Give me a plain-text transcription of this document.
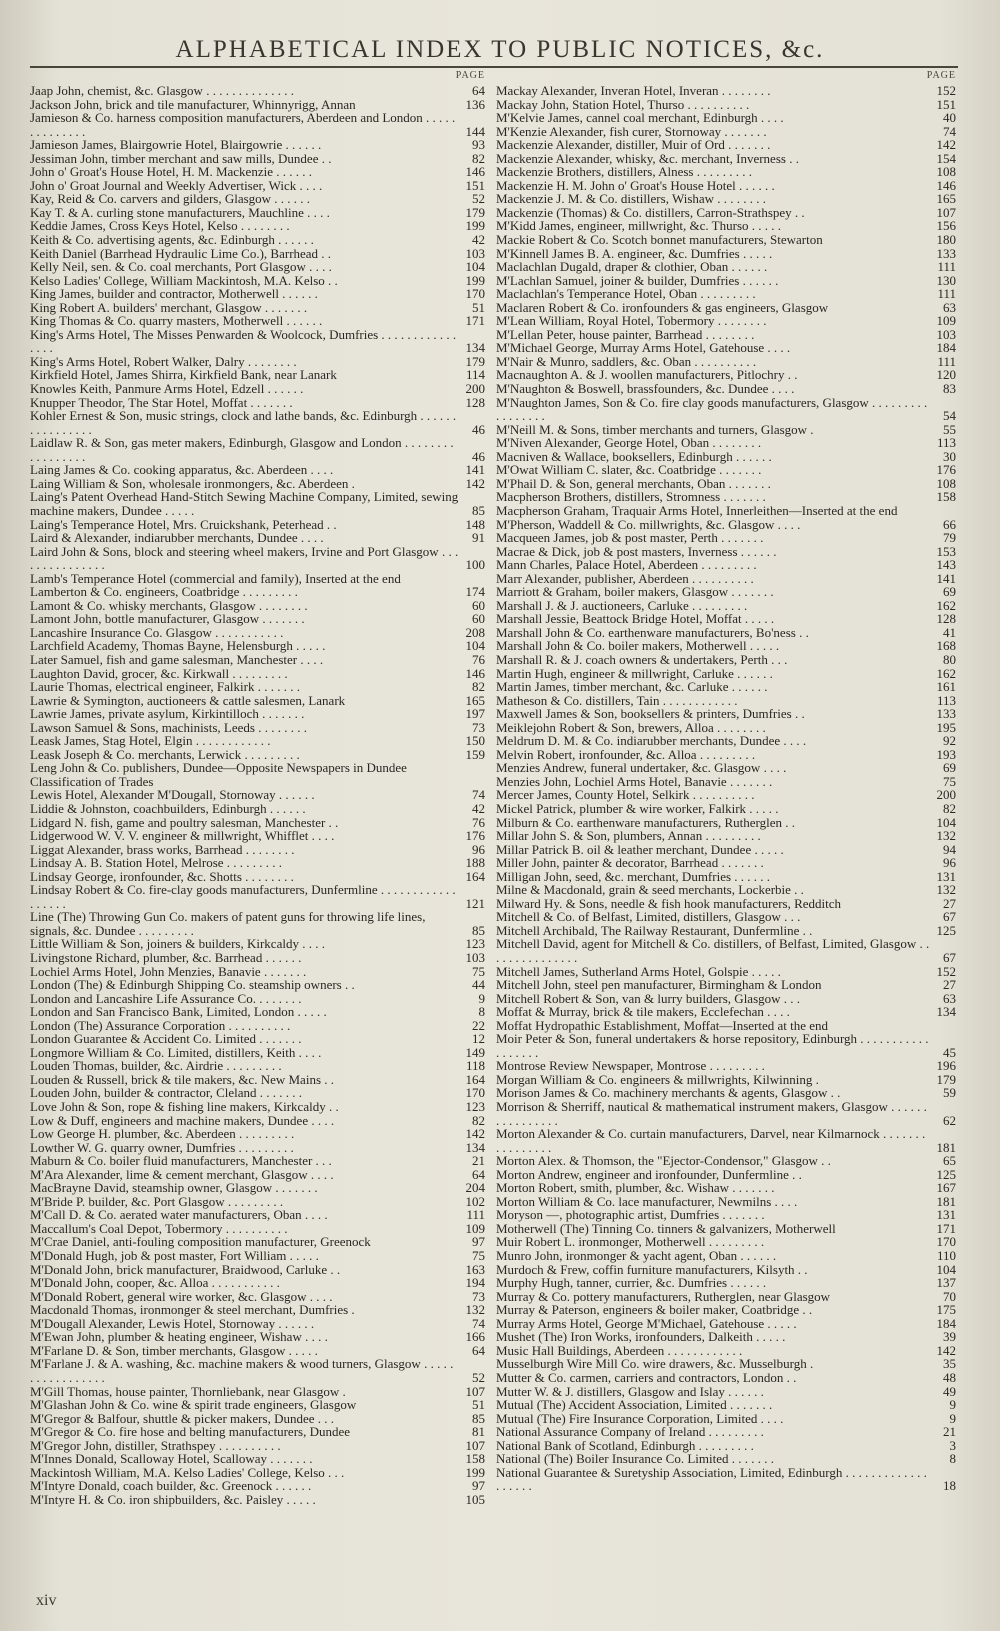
ALPHABETICAL INDEX TO PUBLIC NOTICES, &c.
PAGE
Jaap John, chemist, &c. Glasgow . . . . . . . . . . . . . .	64
Jackson John, brick and tile manufacturer, Whinnyrigg, Annan	136
Jamieson & Co. harness composition manufacturers, Aberdeen and London . . . . . . . . . . . . . .	144
Jamieson James, Blairgowrie Hotel, Blairgowrie . . . . . .	93
Jessiman John, timber merchant and saw mills, Dundee . .	82
John o' Groat's House Hotel, H. M. Mackenzie . . . . . .	146
John o' Groat Journal and Weekly Advertiser, Wick . . . .	151
Kay, Reid & Co. carvers and gilders, Glasgow . . . . . .	52
Kay T. & A. curling stone manufacturers, Mauchline . . . .	179
Keddie James, Cross Keys Hotel, Kelso . . . . . . . .	199
Keith & Co. advertising agents, &c. Edinburgh . . . . . .	42
Keith Daniel (Barrhead Hydraulic Lime Co.), Barrhead . .	103
Kelly Neil, sen. & Co. coal merchants, Port Glasgow . . . .	104
Kelso Ladies' College, William Mackintosh, M.A. Kelso . .	199
King James, builder and contractor, Motherwell . . . . . .	170
King Robert A. builders' merchant, Glasgow . . . . . . .	51
King Thomas & Co. quarry masters, Motherwell . . . . . .	171
King's Arms Hotel, The Misses Penwarden & Woolcock, Dumfries . . . . . . . . . . . . . . . .	134
King's Arms Hotel, Robert Walker, Dalry . . . . . . . .	179
Kirkfield Hotel, James Shirra, Kirkfield Bank, near Lanark	114
Knowles Keith, Panmure Arms Hotel, Edzell . . . . . .	200
Knupper Theodor, The Star Hotel, Moffat . . . . . . .	128
Kohler Ernest & Son, music strings, clock and lathe bands, &c. Edinburgh . . . . . . . . . . . . . . . .	46
Laidlaw R. & Son, gas meter makers, Edinburgh, Glasgow and London . . . . . . . . . . . . . . . . .	46
Laing James & Co. cooking apparatus, &c. Aberdeen . . . .	141
Laing William & Son, wholesale ironmongers, &c. Aberdeen .	142
Laing's Patent Overhead Hand-Stitch Sewing Machine Company, Limited, sewing machine makers, Dundee . . . . .	85
Laing's Temperance Hotel, Mrs. Cruickshank, Peterhead . .	148
Laird & Alexander, indiarubber merchants, Dundee . . . .	91
Laird John & Sons, block and steering wheel makers, Irvine and Port Glasgow . . . . . . . . . . . . . . .	100
Lamb's Temperance Hotel (commercial and family), Inserted at the end
Lamberton & Co. engineers, Coatbridge . . . . . . . . .	174
Lamont & Co. whisky merchants, Glasgow . . . . . . . .	60
Lamont John, bottle manufacturer, Glasgow . . . . . . .	60
Lancashire Insurance Co. Glasgow . . . . . . . . . . .	208
Larchfield Academy, Thomas Bayne, Helensburgh . . . . .	104
Later Samuel, fish and game salesman, Manchester . . . .	76
Laughton David, grocer, &c. Kirkwall . . . . . . . . .	146
Laurie Thomas, electrical engineer, Falkirk . . . . . . .	82
Lawrie & Symington, auctioneers & cattle salesmen, Lanark	165
Lawrie James, private asylum, Kirkintilloch . . . . . . .	197
Lawson Samuel & Sons, machinists, Leeds . . . . . . . .	73
Leask James, Stag Hotel, Elgin . . . . . . . . . . . .	150
Leask Joseph & Co. merchants, Lerwick . . . . . . . . .	159
Leng John & Co. publishers, Dundee—Opposite Newspapers in Dundee Classification of Trades
Lewis Hotel, Alexander M'Dougall, Stornoway . . . . . .	74
Liddie & Johnston, coachbuilders, Edinburgh . . . . . .	42
Lidgard N. fish, game and poultry salesman, Manchester . .	76
Lidgerwood W. V. V. engineer & millwright, Whifflet . . . .	176
Liggat Alexander, brass works, Barrhead . . . . . . . .	96
Lindsay A. B. Station Hotel, Melrose . . . . . . . . .	188
Lindsay George, ironfounder, &c. Shotts . . . . . . . .	164
Lindsay Robert & Co. fire-clay goods manufacturers, Dunfermline . . . . . . . . . . . . . . . . . .	121
Line (The) Throwing Gun Co. makers of patent guns for throwing life lines, signals, &c. Dundee . . . . . . . . .	85
Little William & Son, joiners & builders, Kirkcaldy . . . .	123
Livingstone Richard, plumber, &c. Barrhead . . . . . .	103
Lochiel Arms Hotel, John Menzies, Banavie . . . . . . .	75
London (The) & Edinburgh Shipping Co. steamship owners . .	44
London and Lancashire Life Assurance Co. . . . . . . .	9
London and San Francisco Bank, Limited, London . . . . .	8
London (The) Assurance Corporation . . . . . . . . . .	22
London Guarantee & Accident Co. Limited . . . . . . .	12
Longmore William & Co. Limited, distillers, Keith . . . .	149
Louden Thomas, builder, &c. Airdrie . . . . . . . . .	118
Louden & Russell, brick & tile makers, &c. New Mains . .	164
Louden John, builder & contractor, Cleland . . . . . . .	170
Love John & Son, rope & fishing line makers, Kirkcaldy . .	123
Low & Duff, engineers and machine makers, Dundee . . . .	82
Low George H. plumber, &c. Aberdeen . . . . . . . . .	142
Lowther W. G. quarry owner, Dumfries . . . . . . . . .	134
Maburn & Co. boiler fluid manufacturers, Manchester . . .	21
M'Ara Alexander, lime & cement merchant, Glasgow . . . .	64
MacBrayne David, steamship owner, Glasgow . . . . . . .	204
M'Bride P. builder, &c. Port Glasgow . . . . . . . . .	102
M'Call D. & Co. aerated water manufacturers, Oban . . . .	111
Maccallum's Coal Depot, Tobermory . . . . . . . . . .	109
M'Crae Daniel, anti-fouling composition manufacturer, Greenock	97
M'Donald Hugh, job & post master, Fort William . . . . .	75
M'Donald John, brick manufacturer, Braidwood, Carluke . .	163
M'Donald John, cooper, &c. Alloa . . . . . . . . . . .	194
M'Donald Robert, general wire worker, &c. Glasgow . . . .	73
Macdonald Thomas, ironmonger & steel merchant, Dumfries .	132
M'Dougall Alexander, Lewis Hotel, Stornoway . . . . . .	74
M'Ewan John, plumber & heating engineer, Wishaw . . . .	166
M'Farlane D. & Son, timber merchants, Glasgow . . . . .	64
M'Farlane J. & A. washing, &c. machine makers & wood turners, Glasgow . . . . . . . . . . . . . . . . .	52
M'Gill Thomas, house painter, Thornliebank, near Glasgow .	107
M'Glashan John & Co. wine & spirit trade engineers, Glasgow	51
M'Gregor & Balfour, shuttle & picker makers, Dundee . . .	85
M'Gregor & Co. fire hose and belting manufacturers, Dundee	81
M'Gregor John, distiller, Strathspey . . . . . . . . . .	107
M'Innes Donald, Scalloway Hotel, Scalloway . . . . . . .	158
Mackintosh William, M.A. Kelso Ladies' College, Kelso . . .	199
M'Intyre Donald, coach builder, &c. Greenock . . . . . .	97
M'Intyre H. & Co. iron shipbuilders, &c. Paisley . . . . .	105
PAGE
Mackay Alexander, Inveran Hotel, Inveran . . . . . . . .	152
Mackay John, Station Hotel, Thurso . . . . . . . . . .	151
M'Kelvie James, cannel coal merchant, Edinburgh . . . .	40
M'Kenzie Alexander, fish curer, Stornoway . . . . . . .	74
Mackenzie Alexander, distiller, Muir of Ord . . . . . . .	142
Mackenzie Alexander, whisky, &c. merchant, Inverness . .	154
Mackenzie Brothers, distillers, Alness . . . . . . . . .	108
Mackenzie H. M. John o' Groat's House Hotel . . . . . .	146
Mackenzie J. M. & Co. distillers, Wishaw . . . . . . . .	165
Mackenzie (Thomas) & Co. distillers, Carron-Strathspey . .	107
M'Kidd James, engineer, millwright, &c. Thurso . . . . .	156
Mackie Robert & Co. Scotch bonnet manufacturers, Stewarton	180
M'Kinnell James B. A. engineer, &c. Dumfries . . . . .	133
Maclachlan Dugald, draper & clothier, Oban . . . . . .	111
M'Lachlan Samuel, joiner & builder, Dumfries . . . . . .	130
Maclachlan's Temperance Hotel, Oban . . . . . . . . .	111
Maclaren Robert & Co. ironfounders & gas engineers, Glasgow	63
M'Lean William, Royal Hotel, Tobermory . . . . . . . .	109
M'Lellan Peter, house painter, Barrhead . . . . . . . .	103
M'Michael George, Murray Arms Hotel, Gatehouse . . . .	184
M'Nair & Munro, saddlers, &c. Oban . . . . . . . . . .	111
Macnaughton A. & J. woollen manufacturers, Pitlochry . .	120
M'Naughton & Boswell, brassfounders, &c. Dundee . . . .	83
M'Naughton James, Son & Co. fire clay goods manufacturers, Glasgow . . . . . . . . . . . . . . . . .	54
M'Neill M. & Sons, timber merchants and turners, Glasgow .	55
M'Niven Alexander, George Hotel, Oban . . . . . . . .	113
Macniven & Wallace, booksellers, Edinburgh . . . . . .	30
M'Owat William C. slater, &c. Coatbridge . . . . . . .	176
M'Phail D. & Son, general merchants, Oban . . . . . . .	108
Macpherson Brothers, distillers, Stromness . . . . . . .	158
Macpherson Graham, Traquair Arms Hotel, Innerleithen—Inserted at the end
M'Pherson, Waddell & Co. millwrights, &c. Glasgow . . . .	66
Macqueen James, job & post master, Perth . . . . . . .	79
Macrae & Dick, job & post masters, Inverness . . . . . .	153
Mann Charles, Palace Hotel, Aberdeen . . . . . . . . .	143
Marr Alexander, publisher, Aberdeen . . . . . . . . . .	141
Marriott & Graham, boiler makers, Glasgow . . . . . . .	69
Marshall J. & J. auctioneers, Carluke . . . . . . . . .	162
Marshall Jessie, Beattock Bridge Hotel, Moffat . . . . .	128
Marshall John & Co. earthenware manufacturers, Bo'ness . .	41
Marshall John & Co. boiler makers, Motherwell . . . . .	168
Marshall R. & J. coach owners & undertakers, Perth . . .	80
Martin Hugh, engineer & millwright, Carluke . . . . . .	162
Martin James, timber merchant, &c. Carluke . . . . . .	161
Matheson & Co. distillers, Tain . . . . . . . . . . . .	113
Maxwell James & Son, booksellers & printers, Dumfries . .	133
Meiklejohn Robert & Son, brewers, Alloa . . . . . . . .	195
Meldrum D. M. & Co. indiarubber merchants, Dundee . . . .	92
Melvin Robert, ironfounder, &c. Alloa . . . . . . . . .	193
Menzies Andrew, funeral undertaker, &c. Glasgow . . . .	69
Menzies John, Lochiel Arms Hotel, Banavie . . . . . . .	75
Mercer James, County Hotel, Selkirk . . . . . . . . . .	200
Mickel Patrick, plumber & wire worker, Falkirk . . . . .	82
Milburn & Co. earthenware manufacturers, Rutherglen . .	104
Millar John S. & Son, plumbers, Annan . . . . . . . . .	132
Millar Patrick B. oil & leather merchant, Dundee . . . . .	94
Miller John, painter & decorator, Barrhead . . . . . . .	96
Milligan John, seed, &c. merchant, Dumfries . . . . . .	131
Milne & Macdonald, grain & seed merchants, Lockerbie . .	132
Milward Hy. & Sons, needle & fish hook manufacturers, Redditch	27
Mitchell & Co. of Belfast, Limited, distillers, Glasgow . . .	67
Mitchell Archibald, The Railway Restaurant, Dunfermline . .	125
Mitchell David, agent for Mitchell & Co. distillers, of Belfast, Limited, Glasgow . . . . . . . . . . . . . . .	67
Mitchell James, Sutherland Arms Hotel, Golspie . . . . .	152
Mitchell John, steel pen manufacturer, Birmingham & London	27
Mitchell Robert & Son, van & lurry builders, Glasgow . . .	63
Moffat & Murray, brick & tile makers, Ecclefechan . . . .	134
Moffat Hydropathic Establishment, Moffat—Inserted at the end
Moir Peter & Son, funeral undertakers & horse repository, Edinburgh . . . . . . . . . . . . . . . . . .	45
Montrose Review Newspaper, Montrose . . . . . . . . .	196
Morgan William & Co. engineers & millwrights, Kilwinning .	179
Morison James & Co. machinery merchants & agents, Glasgow . .	59
Morrison & Sherriff, nautical & mathematical instrument makers, Glasgow . . . . . . . . . . . . . . . .	62
Morton Alexander & Co. curtain manufacturers, Darvel, near Kilmarnock . . . . . . . . . . . . . . . .	181
Morton Alex. & Thomson, the "Ejector-Condensor," Glasgow . .	65
Morton Andrew, engineer and ironfounder, Dunfermline . .	125
Morton Robert, smith, plumber, &c. Wishaw . . . . . . .	167
Morton William & Co. lace manufacturer, Newmilns . . . .	181
Moryson —, photographic artist, Dumfries . . . . . . .	131
Motherwell (The) Tinning Co. tinners & galvanizers, Motherwell	171
Muir Robert L. ironmonger, Motherwell . . . . . . . . .	170
Munro John, ironmonger & yacht agent, Oban . . . . . .	110
Murdoch & Frew, coffin furniture manufacturers, Kilsyth . .	104
Murphy Hugh, tanner, currier, &c. Dumfries . . . . . .	137
Murray & Co. pottery manufacturers, Rutherglen, near Glasgow	70
Murray & Paterson, engineers & boiler maker, Coatbridge . .	175
Murray Arms Hotel, George M'Michael, Gatehouse . . . . .	184
Mushet (The) Iron Works, ironfounders, Dalkeith . . . . .	39
Music Hall Buildings, Aberdeen . . . . . . . . . . . .	142
Musselburgh Wire Mill Co. wire drawers, &c. Musselburgh .	35
Mutter & Co. carmen, carriers and contractors, London . .	48
Mutter W. & J. distillers, Glasgow and Islay . . . . . .	49
Mutual (The) Accident Association, Limited . . . . . . .	9
Mutual (The) Fire Insurance Corporation, Limited . . . .	9
National Assurance Company of Ireland . . . . . . . . .	21
National Bank of Scotland, Edinburgh . . . . . . . . .	3
National (The) Boiler Insurance Co. Limited . . . . . . .	8
National Guarantee & Suretyship Association, Limited, Edinburgh . . . . . . . . . . . . . . . . . . .	18
xiv
